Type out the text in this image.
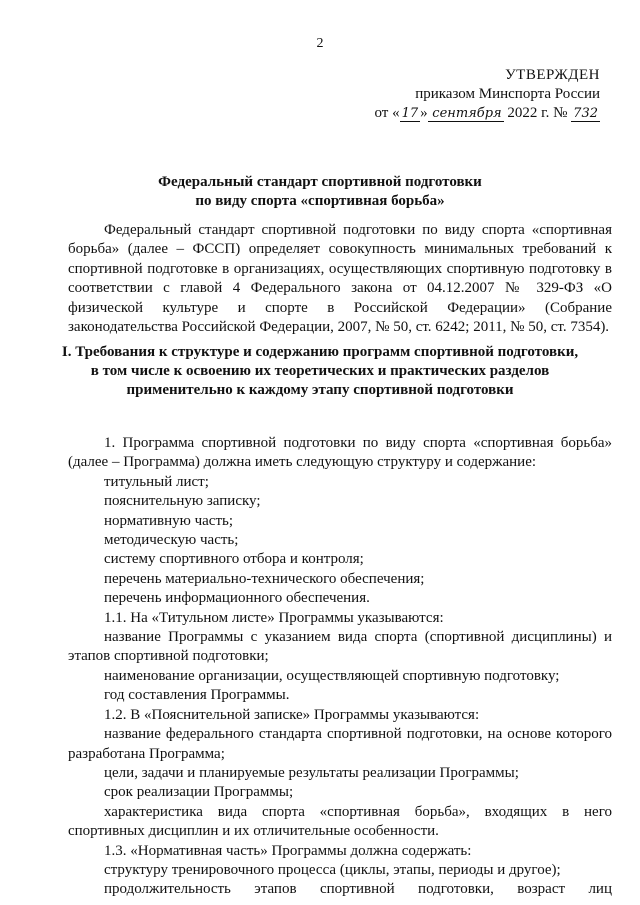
2
УТВЕРЖДЕН
приказом Минспорта России
от « 17 » сентября 2022 г. № 732
Федеральный стандарт спортивной подготовки
по виду спорта «спортивная борьба»

Федеральный стандарт спортивной подготовки по виду спорта «спортивная борьба» (далее – ФССП) определяет совокупность минимальных требований к спортивной подготовке в организациях, осуществляющих спортивную подготовку в соответствии с главой 4 Федерального закона от 04.12.2007 № 329-ФЗ «О физической культуре и спорте в Российской Федерации» (Собрание законодательства Российской Федерации, 2007, № 50, ст. 6242; 2011, № 50, ст. 7354).

I. Требования к структуре и содержанию программ спортивной подготовки,
в том числе к освоению их теоретических и практических разделов
применительно к каждому этапу спортивной подготовки

1. Программа спортивной подготовки по виду спорта «спортивная борьба» (далее – Программа) должна иметь следующую структуру и содержание:

титульный лист;

пояснительную записку;

нормативную часть;

методическую часть;

систему спортивного отбора и контроля;

перечень материально-технического обеспечения;

перечень информационного обеспечения.

1.1. На «Титульном листе» Программы указываются:

название Программы с указанием вида спорта (спортивной дисциплины) и этапов спортивной подготовки;

наименование организации, осуществляющей спортивную подготовку;

год составления Программы.

1.2. В «Пояснительной записке» Программы указываются:

название федерального стандарта спортивной подготовки, на основе которого разработана Программа;

цели, задачи и планируемые результаты реализации Программы;

срок реализации Программы;

характеристика вида спорта «спортивная борьба», входящих в него спортивных дисциплин и их отличительные особенности.

1.3. «Нормативная часть» Программы должна содержать:

структуру тренировочного процесса (циклы, этапы, периоды и другое);

продолжительность этапов спортивной подготовки, возраст лиц
